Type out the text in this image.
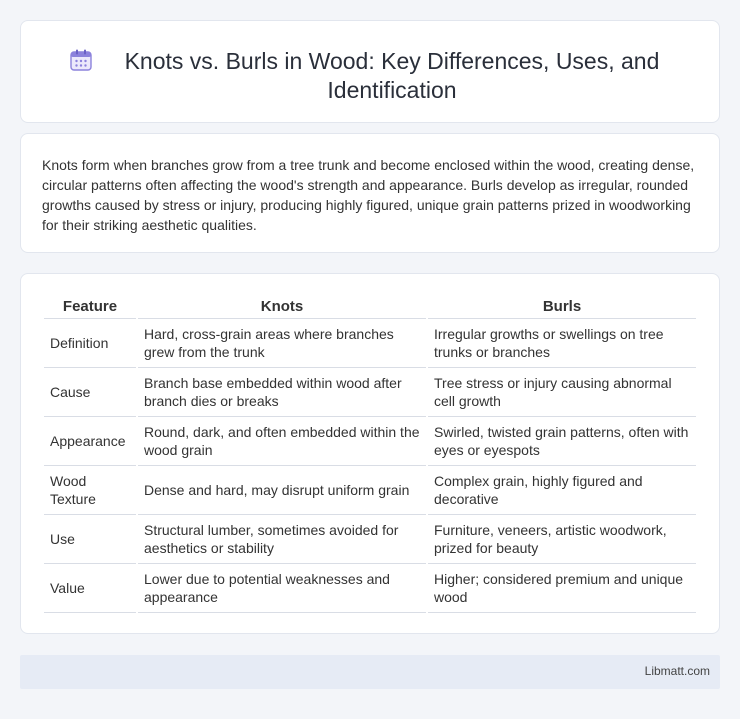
Knots vs. Burls in Wood: Key Differences, Uses, and Identification

Knots form when branches grow from a tree trunk and become enclosed within the wood, creating dense, circular patterns often affecting the wood's strength and appearance. Burls develop as irregular, rounded growths caused by stress or injury, producing highly figured, unique grain patterns prized in woodworking for their striking aesthetic qualities.

Feature	Knots	Burls
Definition	Hard, cross-grain areas where branches grew from the trunk	Irregular growths or swellings on tree trunks or branches
Cause	Branch base embedded within wood after branch dies or breaks	Tree stress or injury causing abnormal cell growth
Appearance	Round, dark, and often embedded within the wood grain	Swirled, twisted grain patterns, often with eyes or eyespots
Wood Texture	Dense and hard, may disrupt uniform grain	Complex grain, highly figured and decorative
Use	Structural lumber, sometimes avoided for aesthetics or stability	Furniture, veneers, artistic woodwork, prized for beauty
Value	Lower due to potential weaknesses and appearance	Higher; considered premium and unique wood
Libmatt.com
